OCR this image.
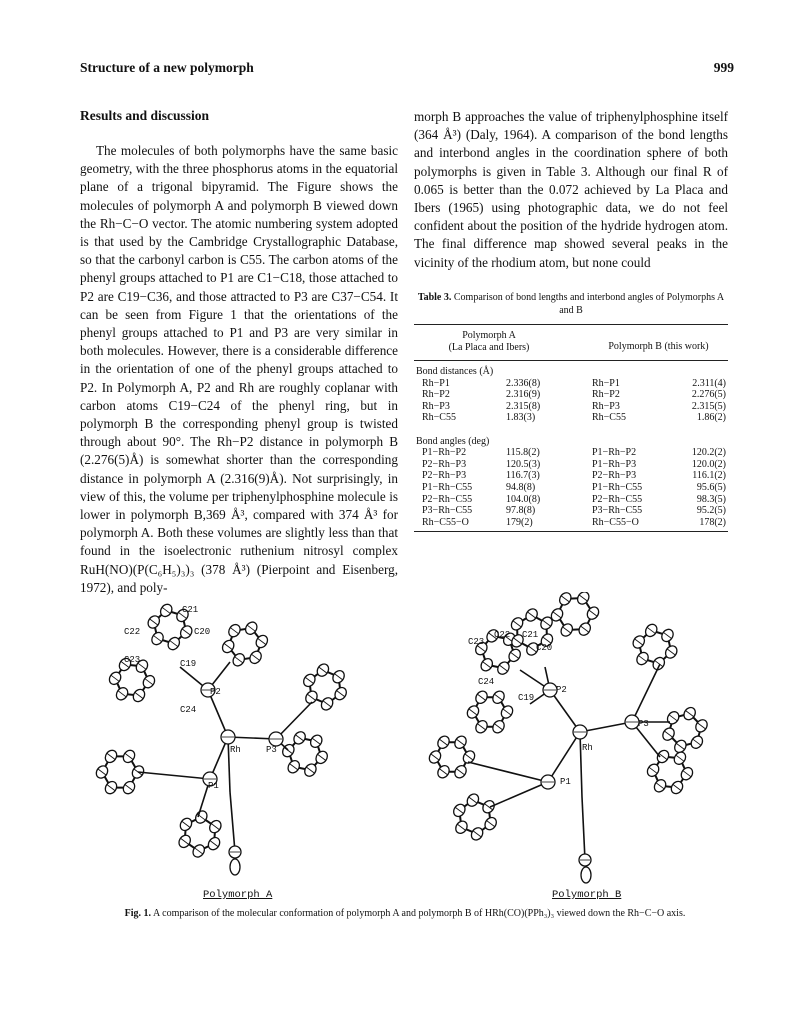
Structure of a new polymorph	999
Results and discussion

The molecules of both polymorphs have the same basic geometry, with the three phosphorus atoms in the equatorial plane of a trigonal bipyramid. The Figure shows the molecules of polymorph A and polymorph B viewed down the Rh−C−O vector. The atomic numbering system adopted is that used by the Cambridge Crystallographic Database, so that the carbonyl carbon is C55. The carbon atoms of the phenyl groups attached to P1 are C1−C18, those attached to P2 are C19−C36, and those attracted to P3 are C37−C54. It can be seen from Figure 1 that the orientations of the phenyl groups attached to P1 and P3 are very similar in both molecules. However, there is a considerable difference in the orientation of one of the phenyl groups attached to P2. In Polymorph A, P2 and Rh are roughly coplanar with carbon atoms C19−C24 of the phenyl ring, but in polymorph B the corresponding phenyl group is twisted through about 90°. The Rh−P2 distance in polymorph B (2.276(5)Å) is somewhat shorter than the corresponding distance in polymorph A (2.316(9)Å). Not surprisingly, in view of this, the volume per triphenylphosphine molecule is lower in polymorph B,369 Å³, compared with 374 Å³ for polymorph A. Both these volumes are slightly less than that found in the isoelectronic ruthenium nitrosyl complex RuH(NO)(P(C₆H₅)₃)₃ (378 Å³) (Pierpoint and Eisenberg, 1972), and poly-

morph B approaches the value of triphenylphosphine itself (364 Å³) (Daly, 1964). A comparison of the bond lengths and interbond angles in the coordination sphere of both polymorphs is given in Table 3. Although our final R of 0.065 is better than the 0.072 achieved by La Placa and Ibers (1965) using photographic data, we do not feel confident about the position of the hydride hydrogen atom. The final difference map showed several peaks in the vicinity of the rhodium atom, but none could

Table 3. Comparison of bond lengths and interbond angles of Polymorphs A and B
Polymorph A
(La Placa and Ibers)	Polymorph B (this work)
Bond distances (Å)
Rh−P1	2.336(8)	Rh−P1	2.311(4)
Rh−P2	2.316(9)	Rh−P2	2.276(5)
Rh−P3	2.315(8)	Rh−P3	2.315(5)
Rh−C55	1.83(3)	Rh−C55	1.86(2)
Bond angles (deg)
P1−Rh−P2	115.8(2)	P1−Rh−P2	120.2(2)
P2−Rh−P3	120.5(3)	P1−Rh−P3	120.0(2)
P2−Rh−P3	116.7(3)	P2−Rh−P3	116.1(2)
P1−Rh−C55	94.8(8)	P1−Rh−C55	95.6(5)
P2−Rh−C55	104.0(8)	P2−Rh−C55	98.3(5)
P3−Rh−C55	97.8(8)	P3−Rh−C55	95.2(5)
Rh−C55−O	179(2)	Rh−C55−O	178(2)
C21
C22	C20
C23	C19
C24
P2
Rh	P3
P1
C22 C21
C23
C20
C24
C19
P2
P3
Rh
P1
Polymorph A	Polymorph B
Fig. 1. A comparison of the molecular conformation of polymorph A and polymorph B of HRh(CO)(PPh₃)₃ viewed down the Rh−C−O axis.
